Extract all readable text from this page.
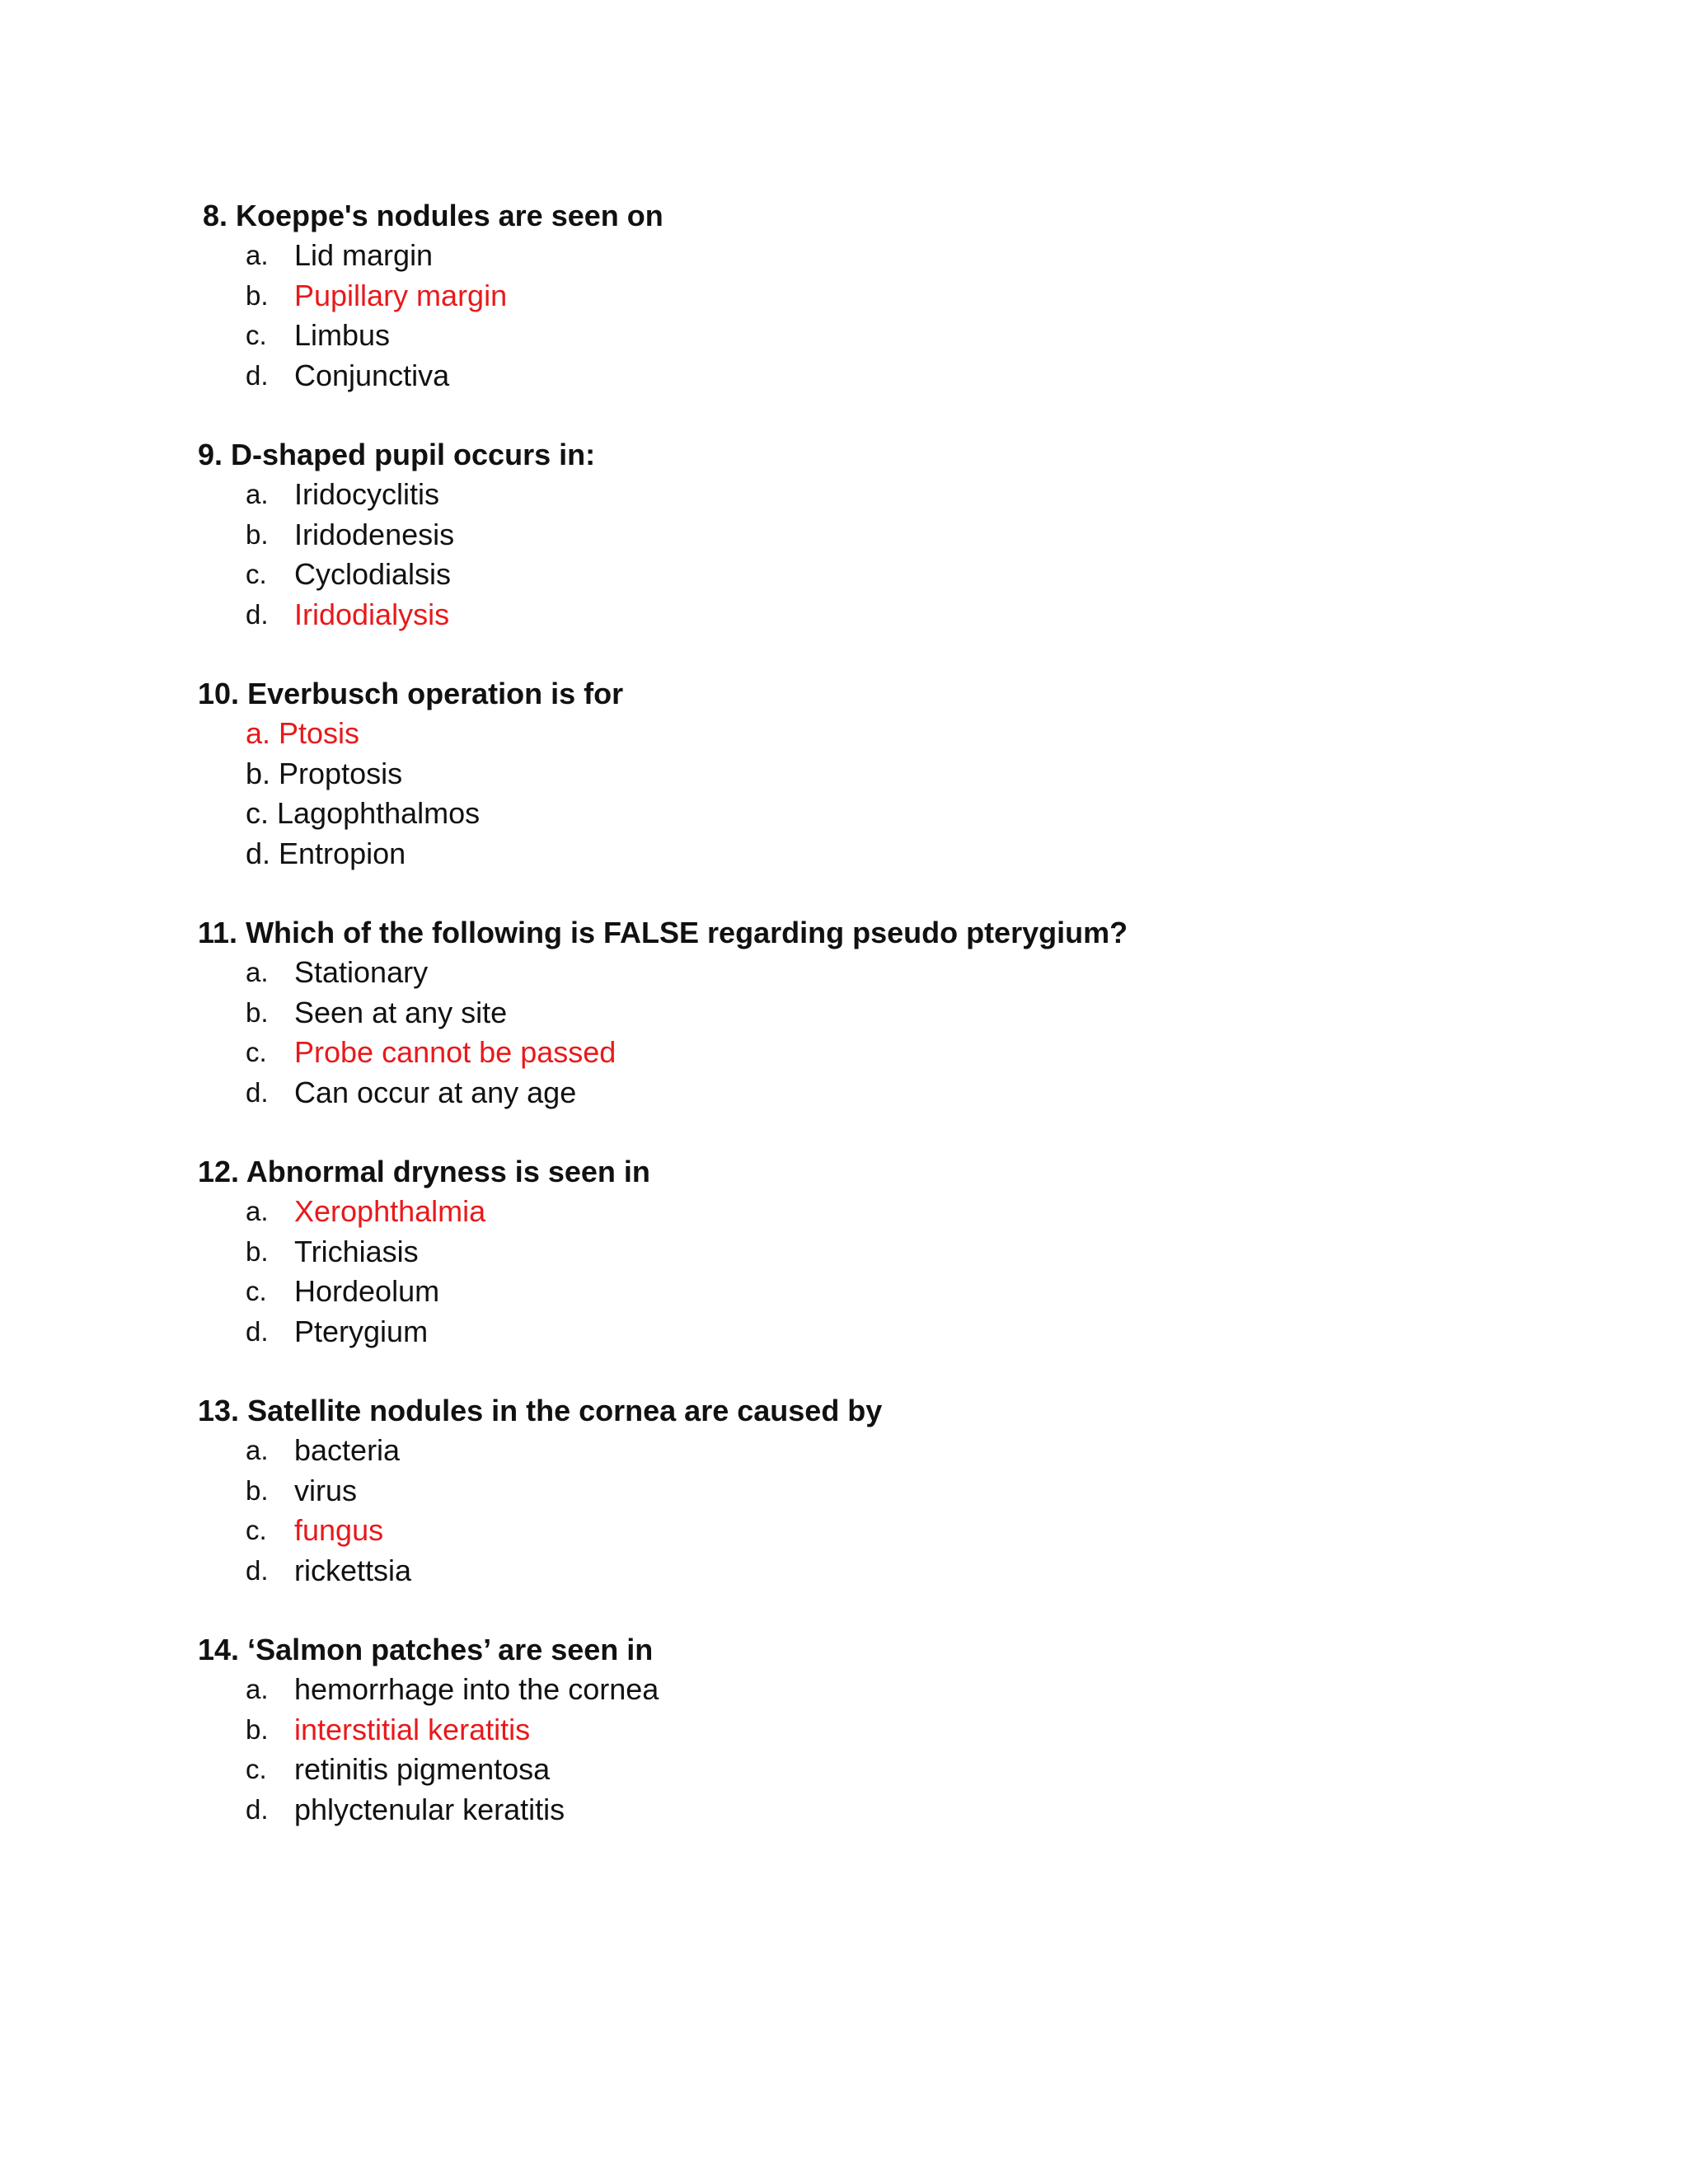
8. Koeppe's nodules are seen on
a. Lid margin
b. Pupillary margin
c. Limbus
d. Conjunctiva
9. D-shaped pupil occurs in:
a. Iridocyclitis
b. Iridodenesis
c. Cyclodialsis
d. Iridodialysis
10. Everbusch operation is for
a. Ptosis
b. Proptosis
c. Lagophthalmos
d. Entropion
11. Which of the following is FALSE regarding pseudo pterygium?
a. Stationary
b. Seen at any site
c. Probe cannot be passed
d. Can occur at any age
12. Abnormal dryness is seen in
a. Xerophthalmia
b. Trichiasis
c. Hordeolum
d. Pterygium
13. Satellite nodules in the cornea are caused by
a. bacteria
b. virus
c. fungus
d. rickettsia
14. ‘Salmon patches’ are seen in
a. hemorrhage into the cornea
b. interstitial keratitis
c. retinitis pigmentosa
d. phlyctenular keratitis
